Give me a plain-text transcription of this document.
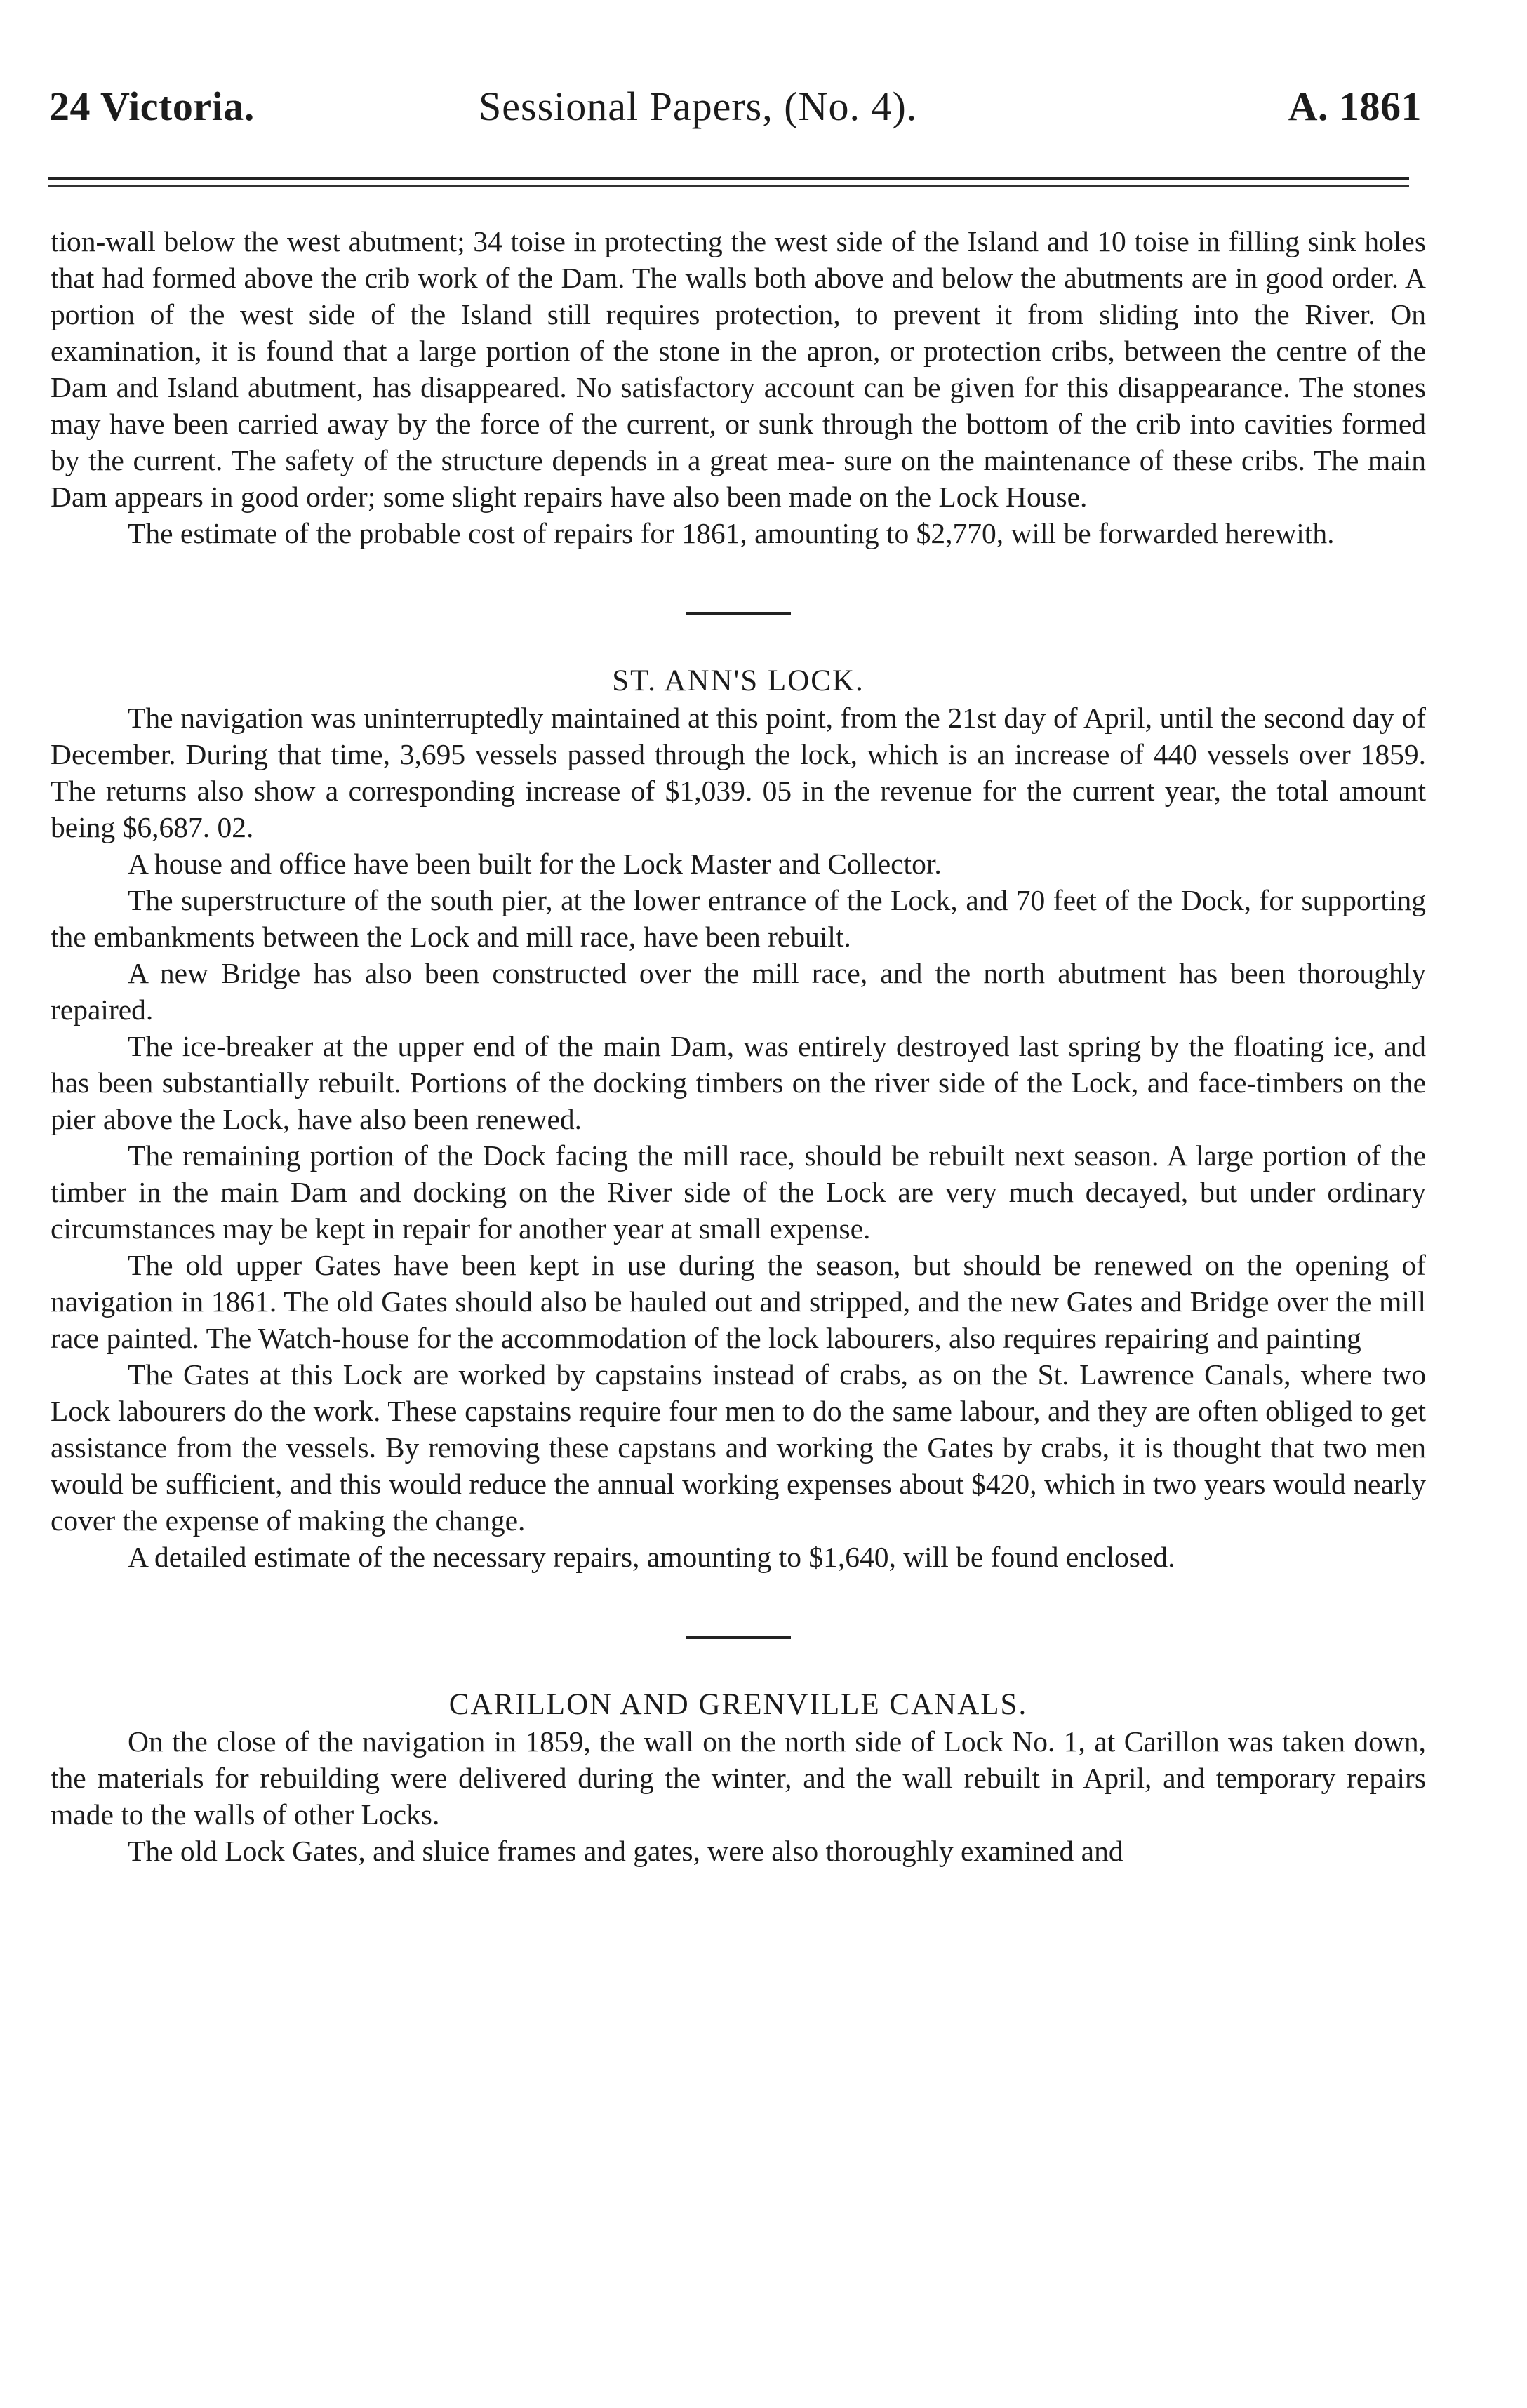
24 Victoria.	Sessional Papers, (No. 4).	A. 1861

tion-wall below the west abutment; 34 toise in protecting the west side of the Island and 10 toise in filling sink holes that had formed above the crib work of the Dam. The walls both above and below the abutments are in good order. A portion of the west side of the Island still requires protection, to prevent it from sliding into the River. On examination, it is found that a large portion of the stone in the apron, or protection cribs, between the centre of the Dam and Island abutment, has disappeared. No satisfactory account can be given for this disappearance. The stones may have been carried away by the force of the current, or sunk through the bottom of the crib into cavities formed by the current. The safety of the structure depends in a great mea- sure on the maintenance of these cribs. The main Dam appears in good order; some slight repairs have also been made on the Lock House.

The estimate of the probable cost of repairs for 1861, amounting to $2,770, will be forwarded herewith.

ST. ANN'S LOCK.

The navigation was uninterruptedly maintained at this point, from the 21st day of April, until the second day of December. During that time, 3,695 vessels passed through the lock, which is an increase of 440 vessels over 1859. The returns also show a corresponding increase of $1,039. 05 in the revenue for the current year, the total amount being $6,687. 02.

A house and office have been built for the Lock Master and Collector.

The superstructure of the south pier, at the lower entrance of the Lock, and 70 feet of the Dock, for supporting the embankments between the Lock and mill race, have been rebuilt.

A new Bridge has also been constructed over the mill race, and the north abutment has been thoroughly repaired.

The ice-breaker at the upper end of the main Dam, was entirely destroyed last spring by the floating ice, and has been substantially rebuilt. Portions of the docking timbers on the river side of the Lock, and face-timbers on the pier above the Lock, have also been renewed.

The remaining portion of the Dock facing the mill race, should be rebuilt next season. A large portion of the timber in the main Dam and docking on the River side of the Lock are very much decayed, but under ordinary circumstances may be kept in repair for another year at small expense.

The old upper Gates have been kept in use during the season, but should be renewed on the opening of navigation in 1861. The old Gates should also be hauled out and stripped, and the new Gates and Bridge over the mill race painted. The Watch-house for the accommodation of the lock labourers, also requires repairing and painting

The Gates at this Lock are worked by capstains instead of crabs, as on the St. Lawrence Canals, where two Lock labourers do the work. These capstains require four men to do the same labour, and they are often obliged to get assistance from the vessels. By removing these capstans and working the Gates by crabs, it is thought that two men would be sufficient, and this would reduce the annual working expenses about $420, which in two years would nearly cover the expense of making the change.

A detailed estimate of the necessary repairs, amounting to $1,640, will be found enclosed.

CARILLON AND GRENVILLE CANALS.

On the close of the navigation in 1859, the wall on the north side of Lock No. 1, at Carillon was taken down, the materials for rebuilding were delivered during the winter, and the wall rebuilt in April, and temporary repairs made to the walls of other Locks.

The old Lock Gates, and sluice frames and gates, were also thoroughly examined and
